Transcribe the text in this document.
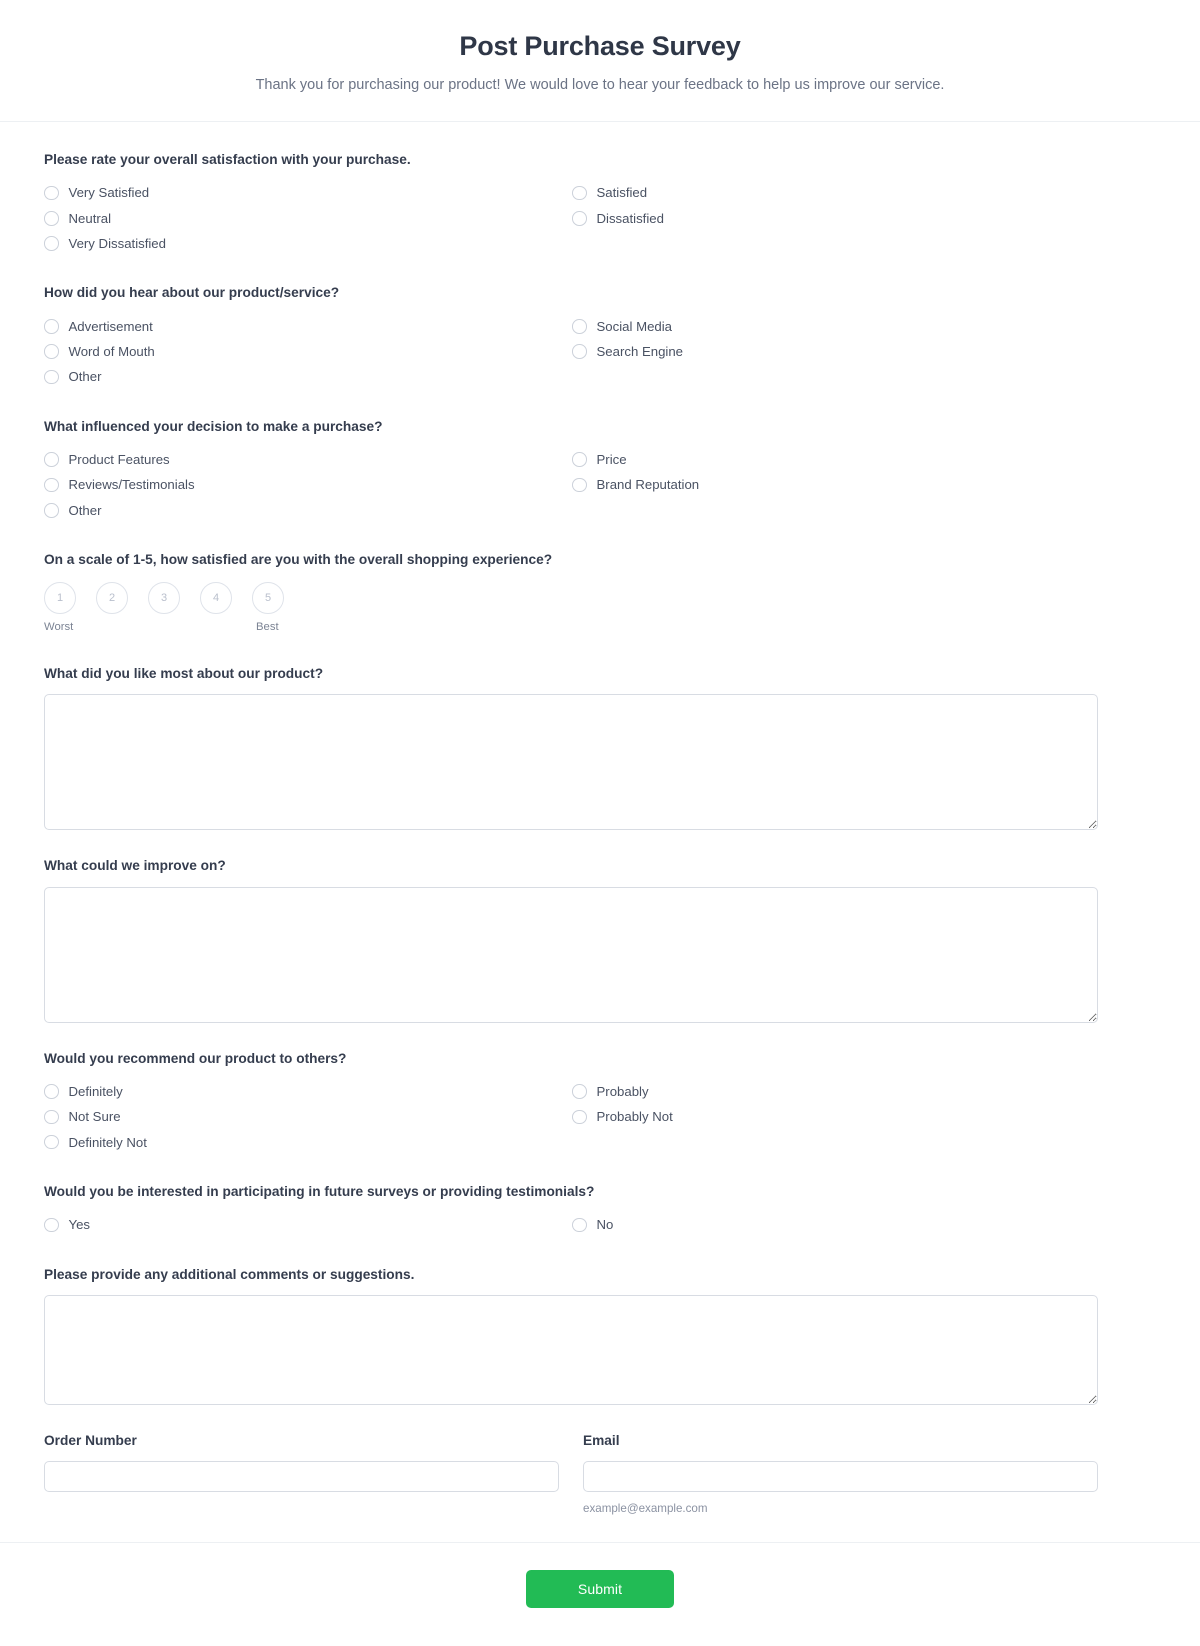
Post Purchase Survey

Thank you for purchasing our product! We would love to hear your feedback to help us improve our service.

Please rate your overall satisfaction with your purchase.
Very Satisfied
Neutral
Satisfied
Dissatisfied
Very Dissatisfied
How did you hear about our product/service?
Advertisement
Word of Mouth
Social Media
Search Engine
Other
What influenced your decision to make a purchase?
Product Features
Reviews/Testimonials
Price
Brand Reputation
Other
On a scale of 1-5, how satisfied are you with the overall shopping experience?
1	2	3	4	5
Worst	Best
What did you like most about our product?
What could we improve on?
Would you recommend our product to others?
Definitely
Not Sure
Probably
Probably Not
Definitely Not
Would you be interested in participating in future surveys or providing testimonials?
Yes	No
Please provide any additional comments or suggestions.
Order Number	Email
example@example.com
Submit
